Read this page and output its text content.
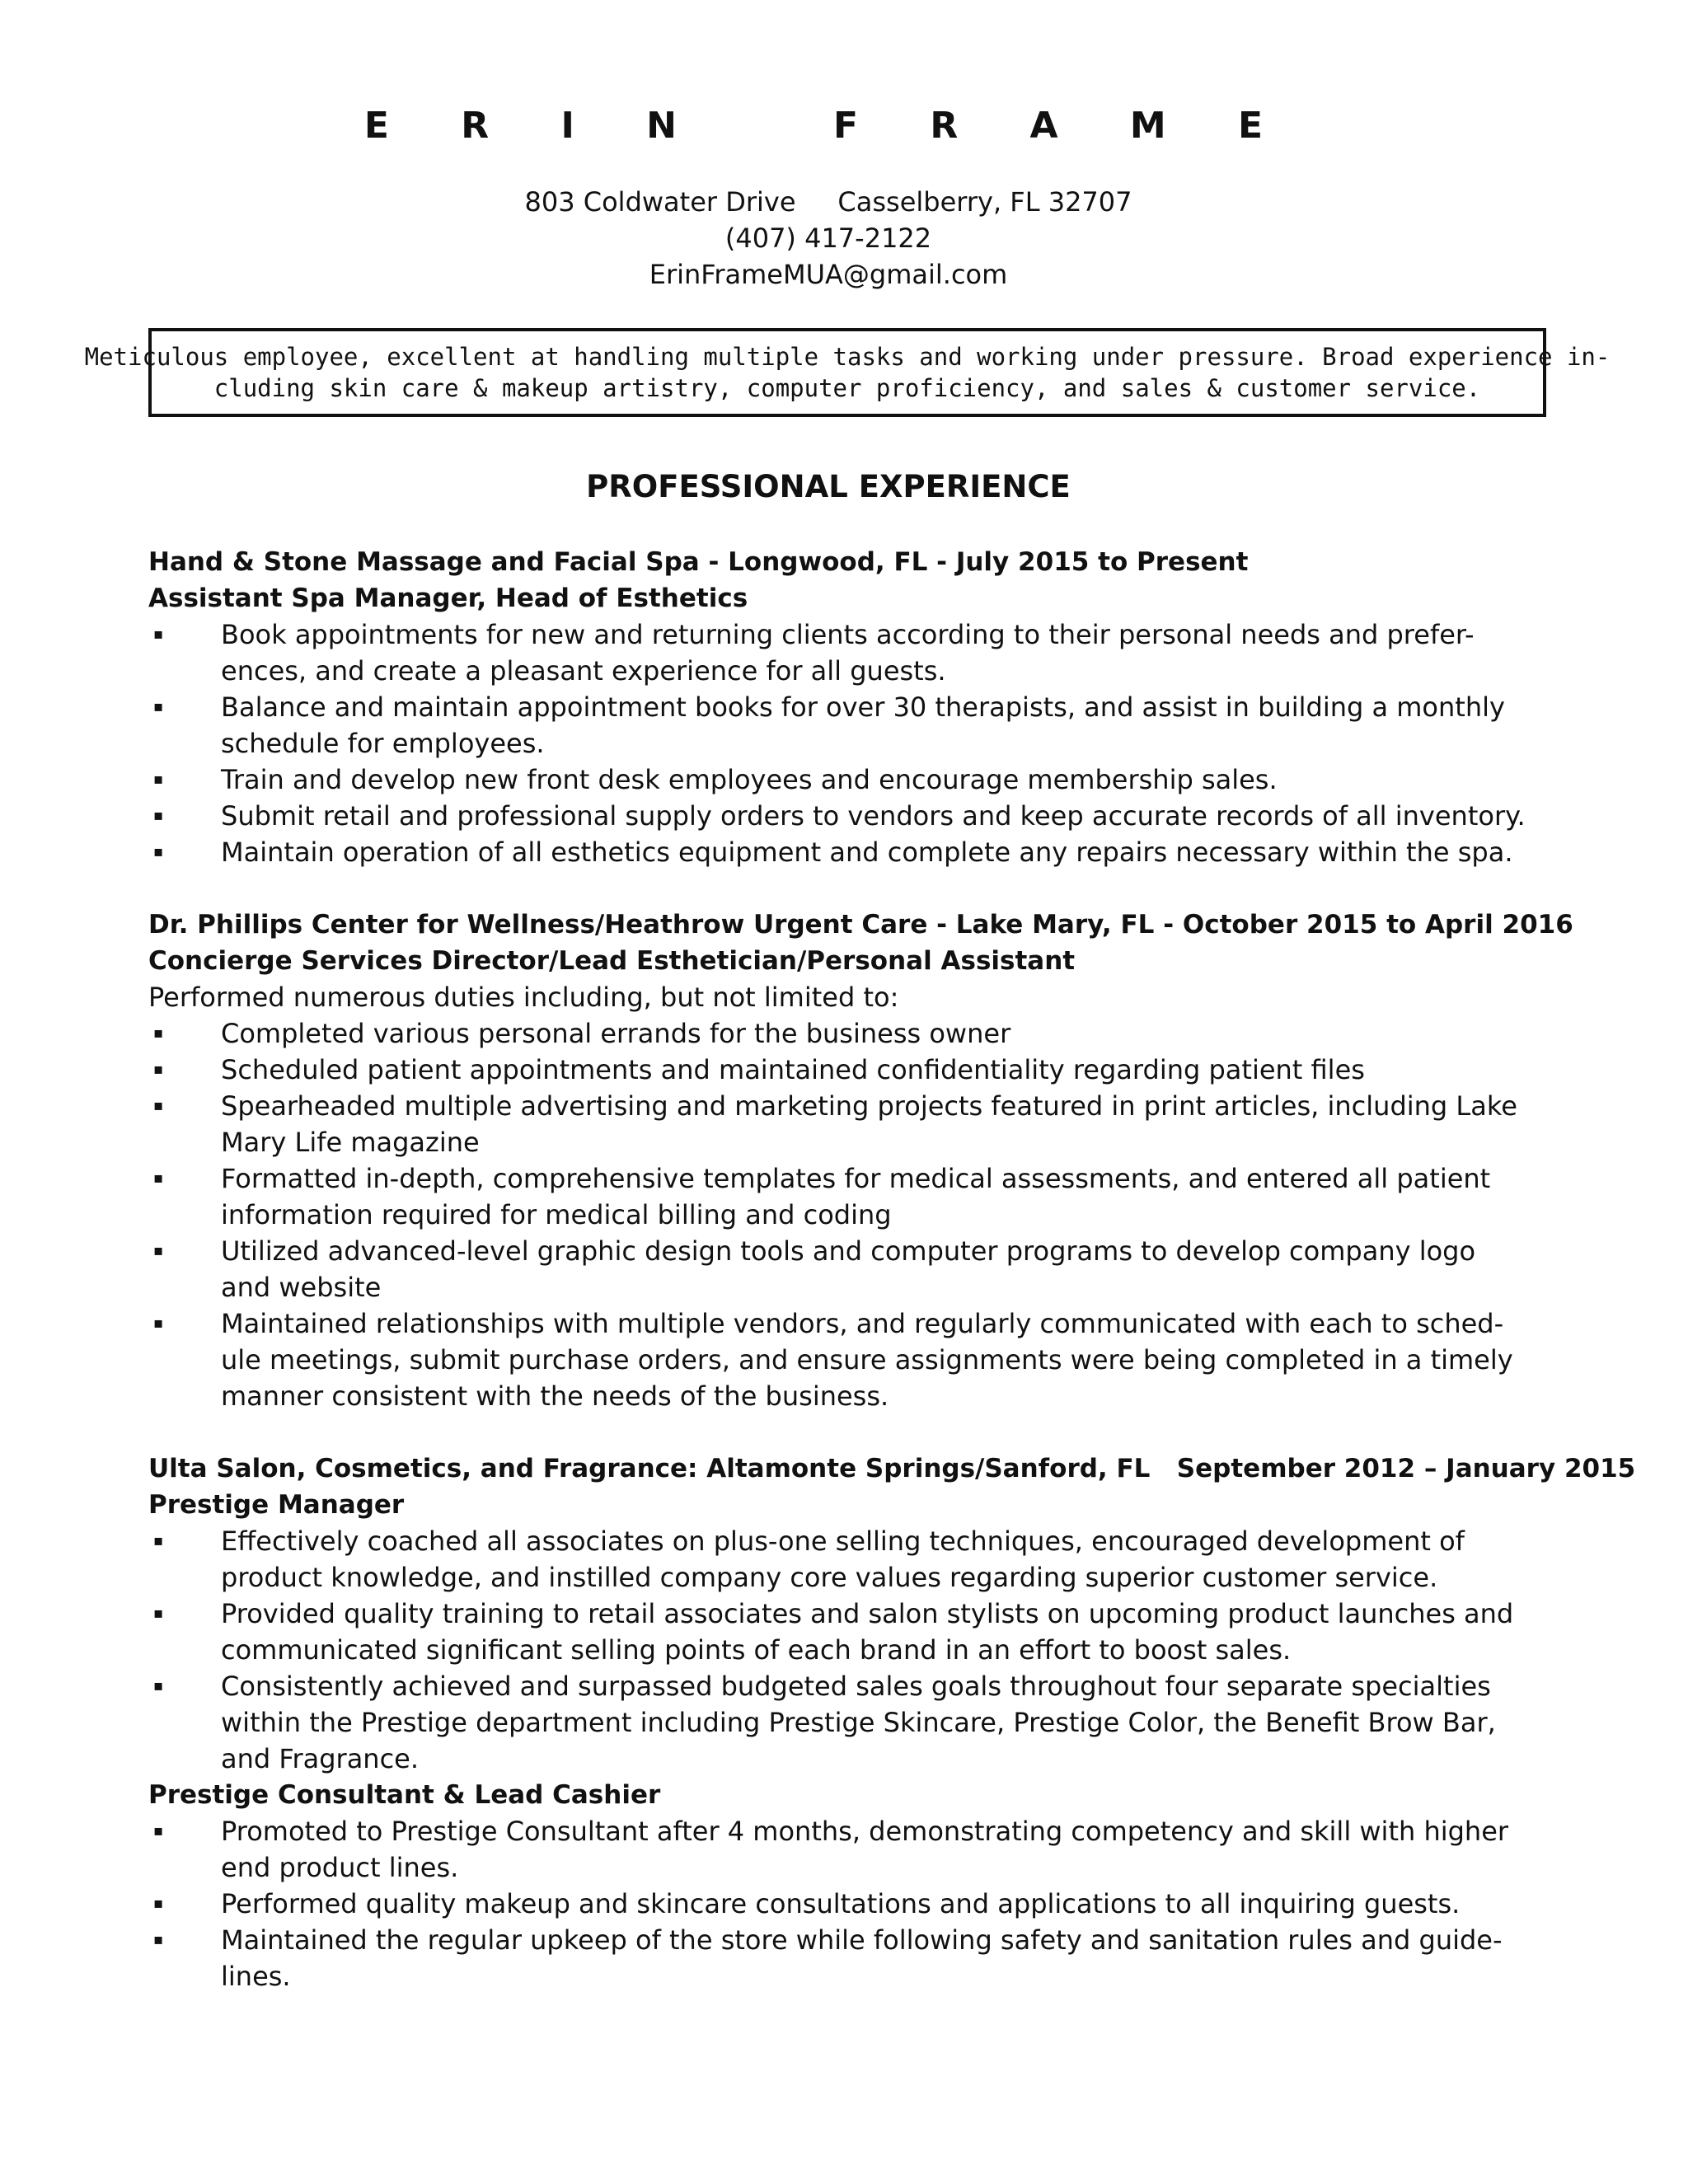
E R I N   F R A M E
803 Coldwater Drive     Casselberry, FL 32707
(407) 417-2122
ErinFrameMUA@gmail.com
Meticulous employee, excellent at handling multiple tasks and working under pressure. Broad experience in-
cluding skin care & makeup artistry, computer proficiency, and sales & customer service.
PROFESSIONAL EXPERIENCE
Hand & Stone Massage and Facial Spa - Longwood, FL - July 2015 to Present
Assistant Spa Manager, Head of Esthetics
▪ Book appointments for new and returning clients according to their personal needs and prefer-
ences, and create a pleasant experience for all guests.
▪ Balance and maintain appointment books for over 30 therapists, and assist in building a monthly
schedule for employees.
▪ Train and develop new front desk employees and encourage membership sales.
▪ Submit retail and professional supply orders to vendors and keep accurate records of all inventory.
▪ Maintain operation of all esthetics equipment and complete any repairs necessary within the spa.
Dr. Phillips Center for Wellness/Heathrow Urgent Care - Lake Mary, FL - October 2015 to April 2016
Concierge Services Director/Lead Esthetician/Personal Assistant
Performed numerous duties including, but not limited to:
▪ Completed various personal errands for the business owner
▪ Scheduled patient appointments and maintained confidentiality regarding patient files
▪ Spearheaded multiple advertising and marketing projects featured in print articles, including Lake
Mary Life magazine
▪ Formatted in-depth, comprehensive templates for medical assessments, and entered all patient
information required for medical billing and coding
▪ Utilized advanced-level graphic design tools and computer programs to develop company logo
and website
▪ Maintained relationships with multiple vendors, and regularly communicated with each to sched-
ule meetings, submit purchase orders, and ensure assignments were being completed in a timely
manner consistent with the needs of the business.
Ulta Salon, Cosmetics, and Fragrance: Altamonte Springs/Sanford, FL   September 2012 – January 2015
Prestige Manager
▪ Effectively coached all associates on plus-one selling techniques, encouraged development of
product knowledge, and instilled company core values regarding superior customer service.
▪ Provided quality training to retail associates and salon stylists on upcoming product launches and
communicated significant selling points of each brand in an effort to boost sales.
▪ Consistently achieved and surpassed budgeted sales goals throughout four separate specialties
within the Prestige department including Prestige Skincare, Prestige Color, the Benefit Brow Bar,
and Fragrance.
Prestige Consultant & Lead Cashier
▪ Promoted to Prestige Consultant after 4 months, demonstrating competency and skill with higher
end product lines.
▪ Performed quality makeup and skincare consultations and applications to all inquiring guests.
▪ Maintained the regular upkeep of the store while following safety and sanitation rules and guide-
lines.
